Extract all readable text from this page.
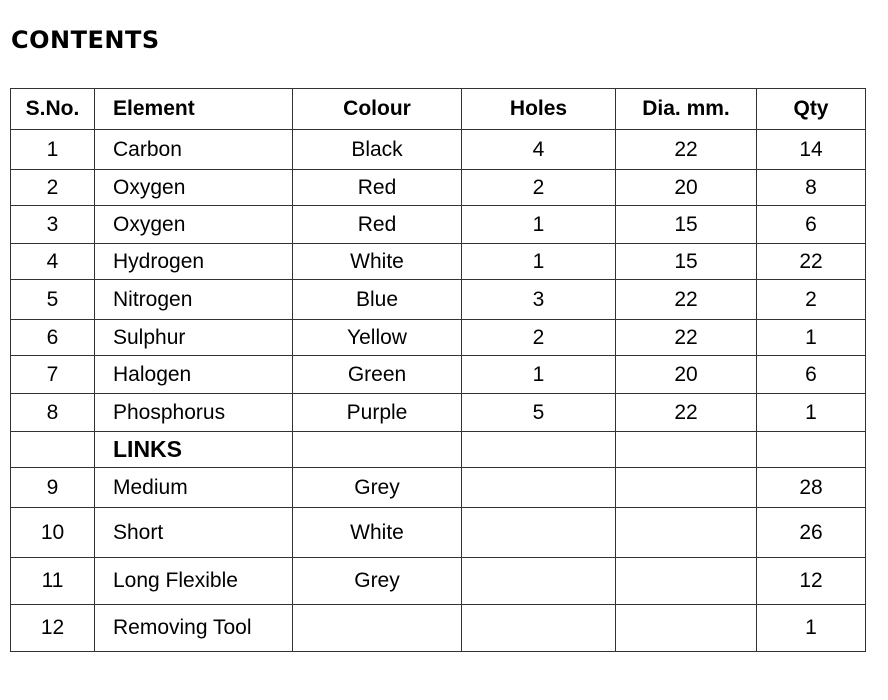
CONTENTS
S.No.	Element	Colour	Holes	Dia. mm.	Qty
1	Carbon	Black	4	22	14
2	Oxygen	Red	2	20	8
3	Oxygen	Red	1	15	6
4	Hydrogen	White	1	15	22
5	Nitrogen	Blue	3	22	2
6	Sulphur	Yellow	2	22	1
7	Halogen	Green	1	20	6
8	Phosphorus	Purple	5	22	1
	LINKS				
9	Medium	Grey			28
10	Short	White			26
11	Long Flexible	Grey			12
12	Removing Tool				1
